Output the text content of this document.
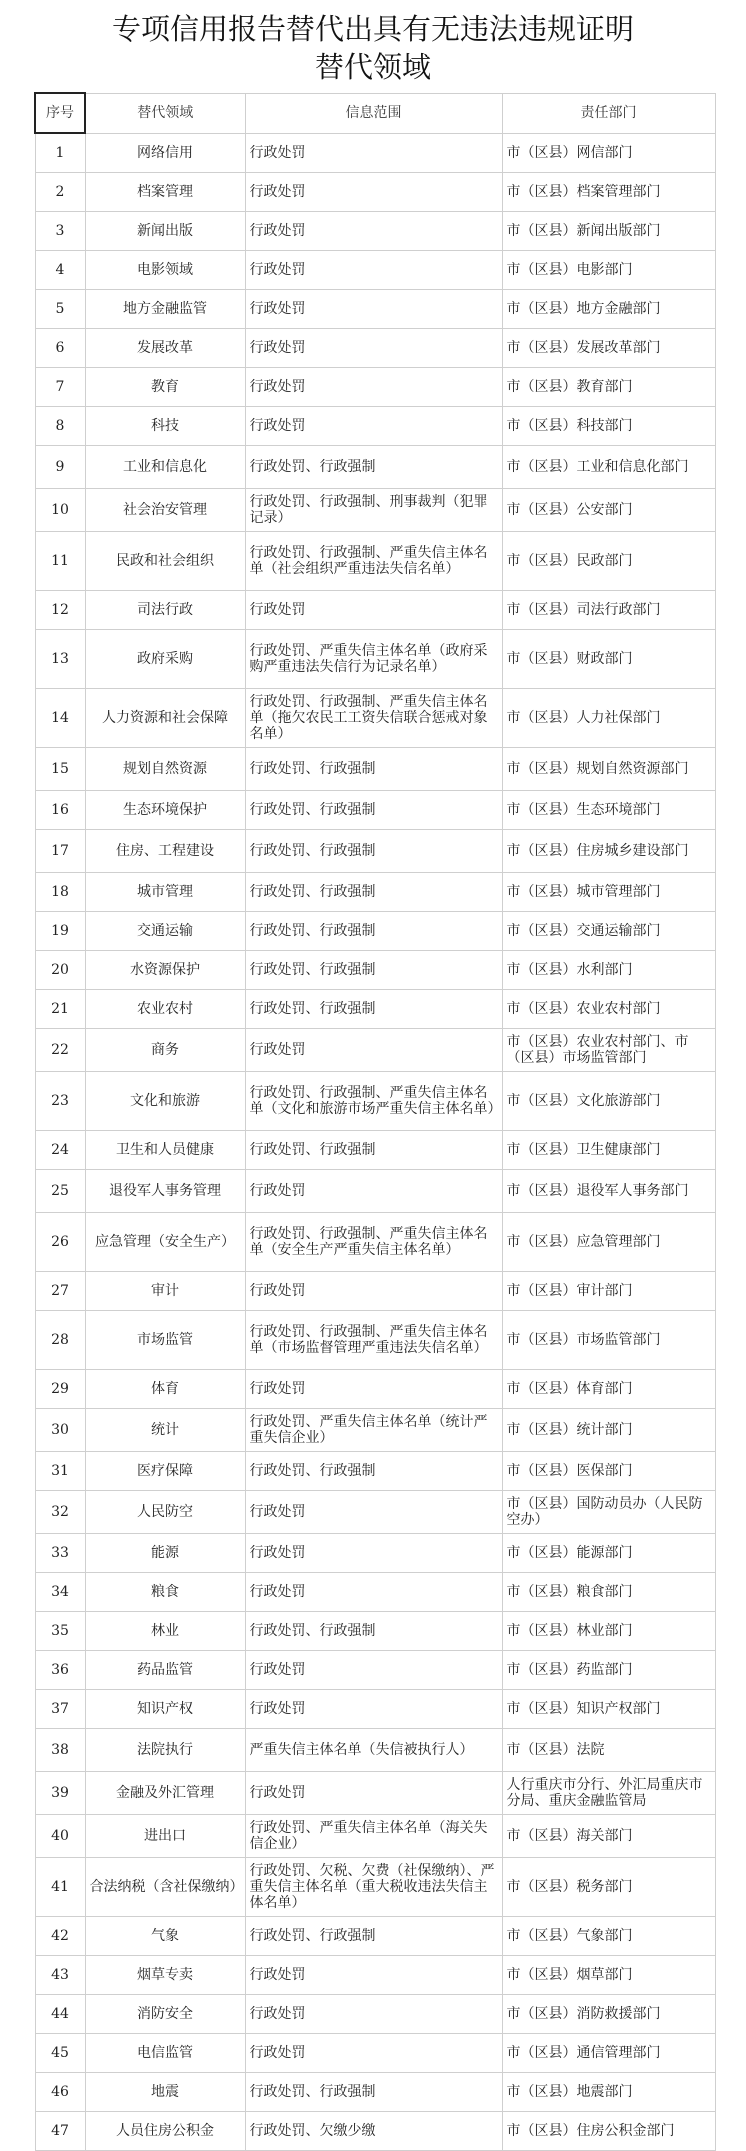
专项信用报告替代出具有无违法违规证明
替代领域
序号	替代领域	信息范围	责任部门
1	网络信用	行政处罚	市（区县）网信部门
2	档案管理	行政处罚	市（区县）档案管理部门
3	新闻出版	行政处罚	市（区县）新闻出版部门
4	电影领域	行政处罚	市（区县）电影部门
5	地方金融监管	行政处罚	市（区县）地方金融部门
6	发展改革	行政处罚	市（区县）发展改革部门
7	教育	行政处罚	市（区县）教育部门
8	科技	行政处罚	市（区县）科技部门
9	工业和信息化	行政处罚、行政强制	市（区县）工业和信息化部门
10	社会治安管理	行政处罚、行政强制、刑事裁判（犯罪记录）	市（区县）公安部门
11	民政和社会组织	行政处罚、行政强制、严重失信主体名单（社会组织严重违法失信名单）	市（区县）民政部门
12	司法行政	行政处罚	市（区县）司法行政部门
13	政府采购	行政处罚、严重失信主体名单（政府采购严重违法失信行为记录名单）	市（区县）财政部门
14	人力资源和社会保障	行政处罚、行政强制、严重失信主体名单（拖欠农民工工资失信联合惩戒对象名单）	市（区县）人力社保部门
15	规划自然资源	行政处罚、行政强制	市（区县）规划自然资源部门
16	生态环境保护	行政处罚、行政强制	市（区县）生态环境部门
17	住房、工程建设	行政处罚、行政强制	市（区县）住房城乡建设部门
18	城市管理	行政处罚、行政强制	市（区县）城市管理部门
19	交通运输	行政处罚、行政强制	市（区县）交通运输部门
20	水资源保护	行政处罚、行政强制	市（区县）水利部门
21	农业农村	行政处罚、行政强制	市（区县）农业农村部门
22	商务	行政处罚	市（区县）农业农村部门、市（区县）市场监管部门
23	文化和旅游	行政处罚、行政强制、严重失信主体名单（文化和旅游市场严重失信主体名单）	市（区县）文化旅游部门
24	卫生和人员健康	行政处罚、行政强制	市（区县）卫生健康部门
25	退役军人事务管理	行政处罚	市（区县）退役军人事务部门
26	应急管理（安全生产）	行政处罚、行政强制、严重失信主体名单（安全生产严重失信主体名单）	市（区县）应急管理部门
27	审计	行政处罚	市（区县）审计部门
28	市场监管	行政处罚、行政强制、严重失信主体名单（市场监督管理严重违法失信名单）	市（区县）市场监管部门
29	体育	行政处罚	市（区县）体育部门
30	统计	行政处罚、严重失信主体名单（统计严重失信企业）	市（区县）统计部门
31	医疗保障	行政处罚、行政强制	市（区县）医保部门
32	人民防空	行政处罚	市（区县）国防动员办（人民防空办）
33	能源	行政处罚	市（区县）能源部门
34	粮食	行政处罚	市（区县）粮食部门
35	林业	行政处罚、行政强制	市（区县）林业部门
36	药品监管	行政处罚	市（区县）药监部门
37	知识产权	行政处罚	市（区县）知识产权部门
38	法院执行	严重失信主体名单（失信被执行人）	市（区县）法院
39	金融及外汇管理	行政处罚	人行重庆市分行、外汇局重庆市分局、重庆金融监管局
40	进出口	行政处罚、严重失信主体名单（海关失信企业）	市（区县）海关部门
41	合法纳税（含社保缴纳）	行政处罚、欠税、欠费（社保缴纳）、严重失信主体名单（重大税收违法失信主体名单）	市（区县）税务部门
42	气象	行政处罚、行政强制	市（区县）气象部门
43	烟草专卖	行政处罚	市（区县）烟草部门
44	消防安全	行政处罚	市（区县）消防救援部门
45	电信监管	行政处罚	市（区县）通信管理部门
46	地震	行政处罚、行政强制	市（区县）地震部门
47	人员住房公积金	行政处罚、欠缴少缴	市（区县）住房公积金部门
